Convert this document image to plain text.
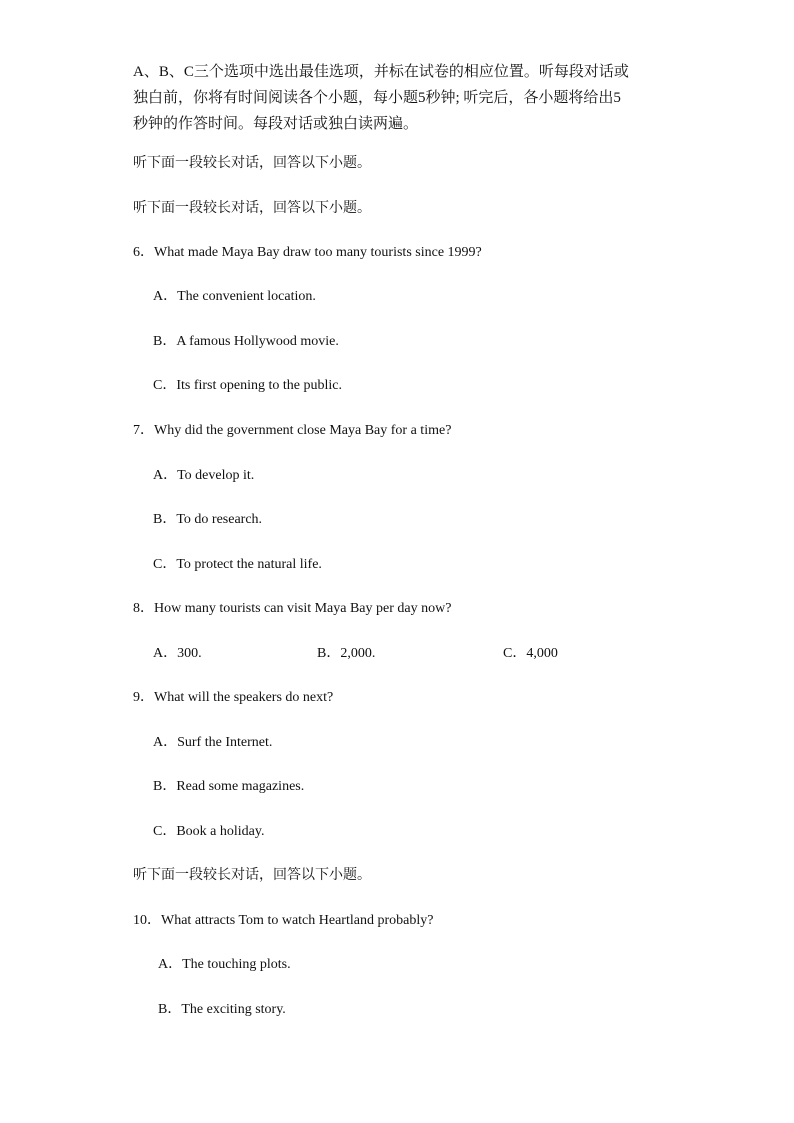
A、B、C三个选项中选出最佳选项，并标在试卷的相应位置。听每段对话或
独白前，你将有时间阅读各个小题，每小题5秒钟; 听完后，各小题将给出5
秒钟的作答时间。每段对话或独白读两遍。
听下面一段较长对话，回答以下小题。
听下面一段较长对话，回答以下小题。
6．What made Maya Bay draw too many tourists since 1999?
A．The convenient location.
B．A famous Hollywood movie.
C．Its first opening to the public.
7．Why did the government close Maya Bay for a time?
A．To develop it.
B．To do research.
C．To protect the natural life.
8．How many tourists can visit Maya Bay per day now?
A．300.	B．2,000.	C．4,000
9．What will the speakers do next?
A．Surf the Internet.
B．Read some magazines.
C．Book a holiday.
听下面一段较长对话，回答以下小题。
10．What attracts Tom to watch Heartland probably?
A．The touching plots.
B．The exciting story.
